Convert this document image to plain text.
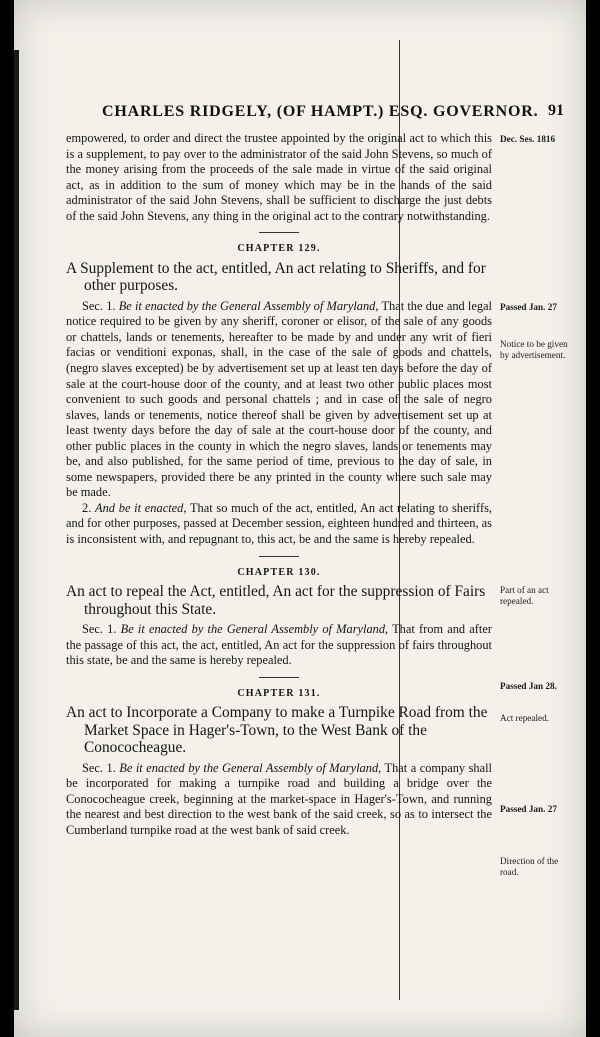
CHARLES RIDGELY, (OF HAMPT.) ESQ. GOVERNOR. 91

empowered, to order and direct the trustee appointed by the original act to which this is a supplement, to pay over to the administrator of the said John Stevens, so much of the money arising from the proceeds of the sale made in virtue of the said original act, as in addition to the sum of money which may be in the hands of the said administrator of the said John Stevens, shall be sufficient to discharge the just debts of the said John Stevens, any thing in the original act to the contrary notwithstanding.

CHAPTER 129.
A Supplement to the act, entitled, An act relating to Sheriffs, and for other purposes.

Sec. 1. Be it enacted by the General Assembly of Maryland, That the due and legal notice required to be given by any sheriff, coroner or elisor, of the sale of any goods or chattels, lands or tenements, hereafter to be made by and under any writ of fieri facias or venditioni exponas, shall, in the case of the sale of goods and chattels, (negro slaves excepted) be by advertisement set up at least ten days before the day of sale at the court-house door of the county, and at least two other public places most convenient to such goods and personal chattels ; and in case of the sale of negro slaves, lands or tenements, notice thereof shall be given by advertisement set up at least twenty days before the day of sale at the court-house door of the county, and other public places in the county in which the negro slaves, lands or tenements may be, and also published, for the same period of time, previous to the day of sale, in some newspapers, provided there be any printed in the county where such sale may be made.

2. And be it enacted, That so much of the act, entitled, An act relating to sheriffs, and for other purposes, passed at December session, eighteen hundred and thirteen, as is inconsistent with, and repugnant to, this act, be and the same is hereby repealed.

CHAPTER 130.
An act to repeal the Act, entitled, An act for the suppression of Fairs throughout this State.

Sec. 1. Be it enacted by the General Assembly of Maryland, That from and after the passage of this act, the act, entitled, An act for the suppression of fairs throughout this state, be and the same is hereby repealed.

CHAPTER 131.
An act to Incorporate a Company to make a Turnpike Road from the Market Space in Hager's-Town, to the West Bank of the Conococheague.

Sec. 1. Be it enacted by the General Assembly of Maryland, That a company shall be incorporated for making a turnpike road and building a bridge over the Conococheague creek, beginning at the market-space in Hager's-Town, and running the nearest and best direction to the west bank of the said creek, so as to intersect the Cumberland turnpike road at the west bank of said creek.

Dec. Ses. 1816
Passed Jan. 27
Notice to be given by advertisement.
Part of an act repealed.
Passed Jan 28.
Act repealed.
Passed Jan. 27
Direction of the road.
